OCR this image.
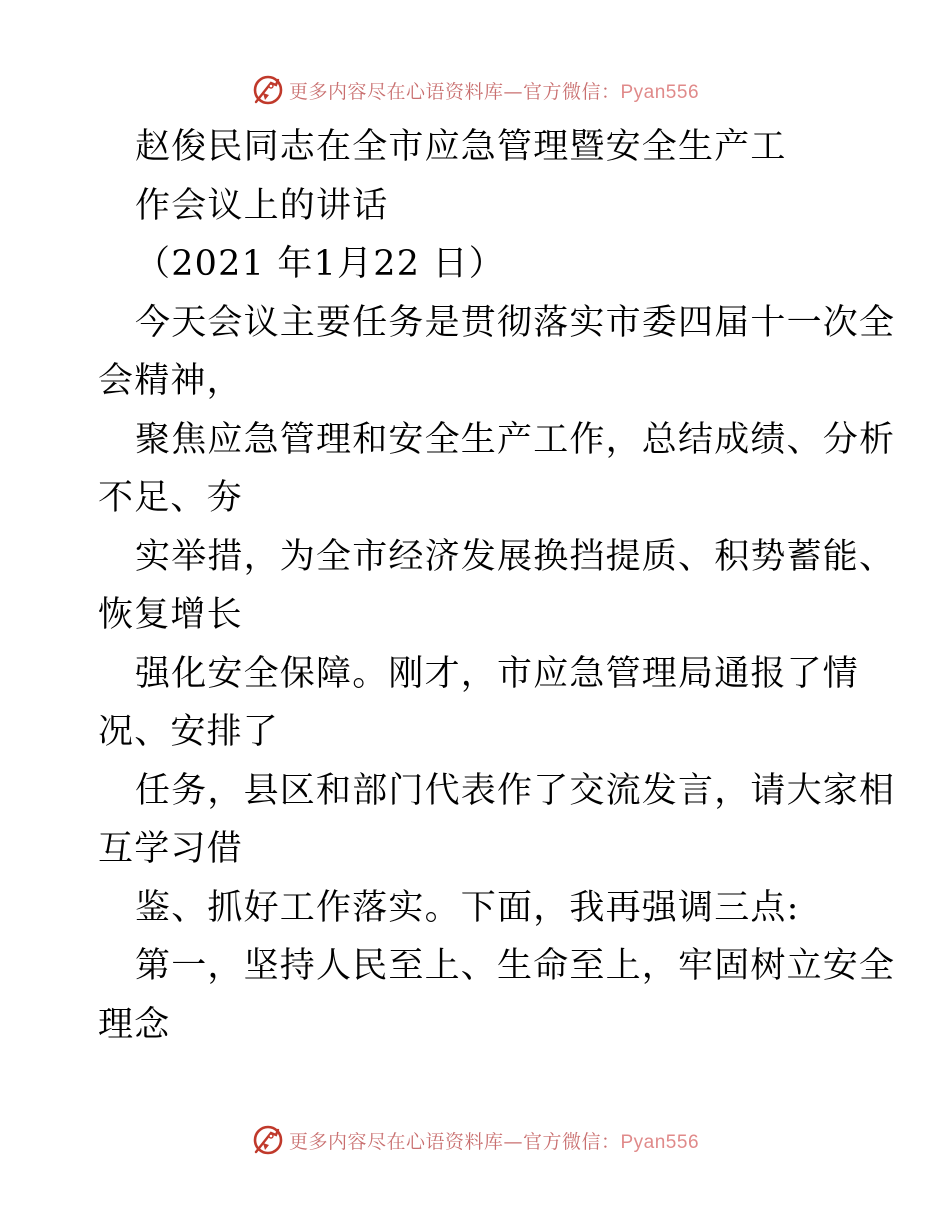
更多内容尽在心语资料库—官方微信：Pyan556
赵俊民同志在全市应急管理暨安全生产工
作会议上的讲话
（2021 年1月22 日）
今天会议主要任务是贯彻落实市委四届十一次全
会精神，
聚焦应急管理和安全生产工作，总结成绩、分析
不足、夯
实举措，为全市经济发展换挡提质、积势蓄能、
恢复增长
强化安全保障。刚才，市应急管理局通报了情
况、安排了
任务，县区和部门代表作了交流发言，请大家相
互学习借
鉴、抓好工作落实。下面，我再强调三点:
第一，坚持人民至上、生命至上，牢固树立安全
理念
更多内容尽在心语资料库—官方微信：Pyan556
